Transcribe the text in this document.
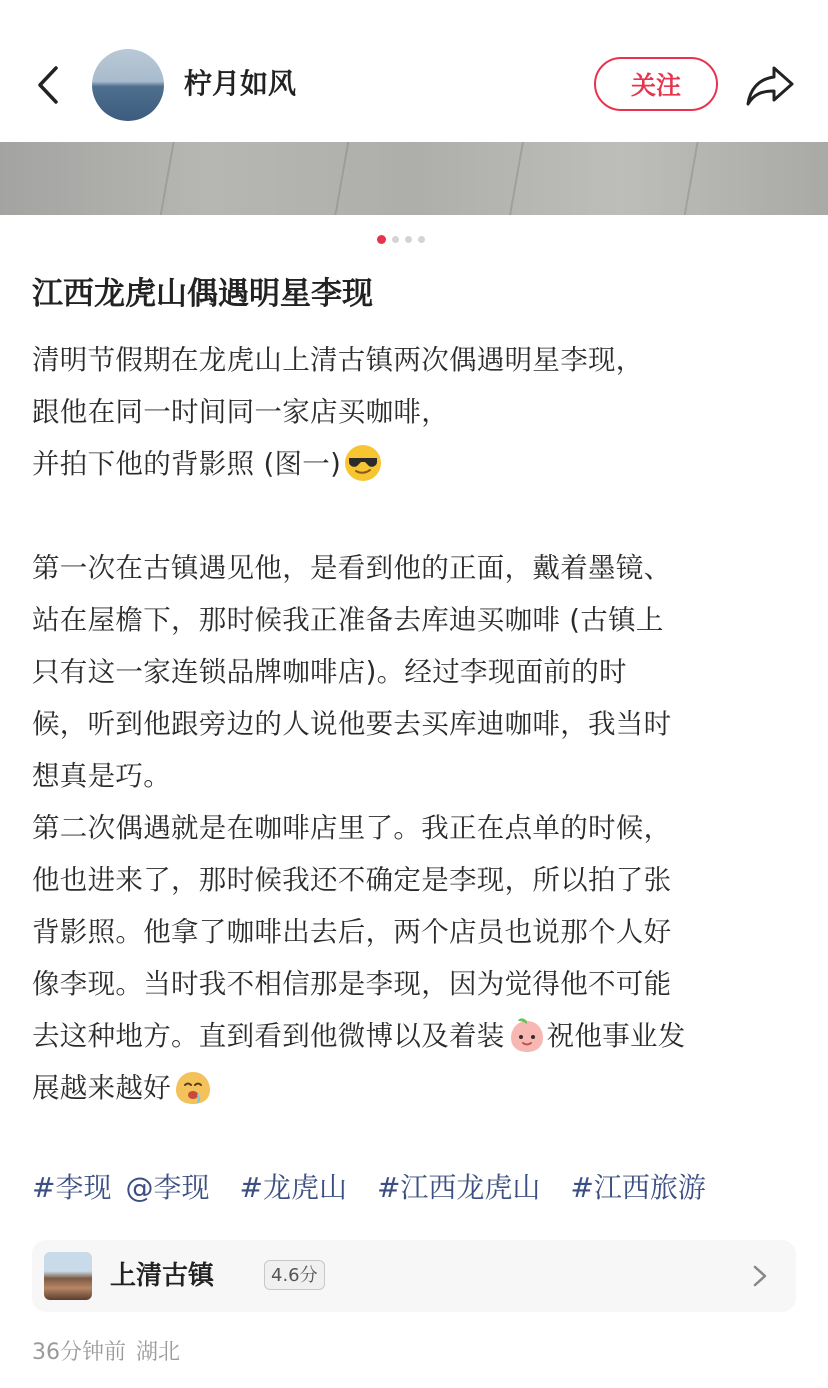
柠月如风	关注
江西龙虎山偶遇明星李现
清明节假期在龙虎山上清古镇两次偶遇明星李现，
跟他在同一时间同一家店买咖啡，
并拍下他的背影照 (图一)
第一次在古镇遇见他，是看到他的正面，戴着墨镜、
站在屋檐下，那时候我正准备去库迪买咖啡 (古镇上
只有这一家连锁品牌咖啡店)。经过李现面前的时
候，听到他跟旁边的人说他要去买库迪咖啡，我当时
想真是巧。
第二次偶遇就是在咖啡店里了。我正在点单的时候，
他也进来了，那时候我还不确定是李现，所以拍了张
背影照。他拿了咖啡出去后，两个店员也说那个人好
像李现。当时我不相信那是李现，因为觉得他不可能
去这种地方。直到看到他微博以及着装 祝他事业发
展越来越好
#李现 @李现 #龙虎山 #江西龙虎山 #江西旅游
上清古镇	4.6分
36分钟前 湖北
